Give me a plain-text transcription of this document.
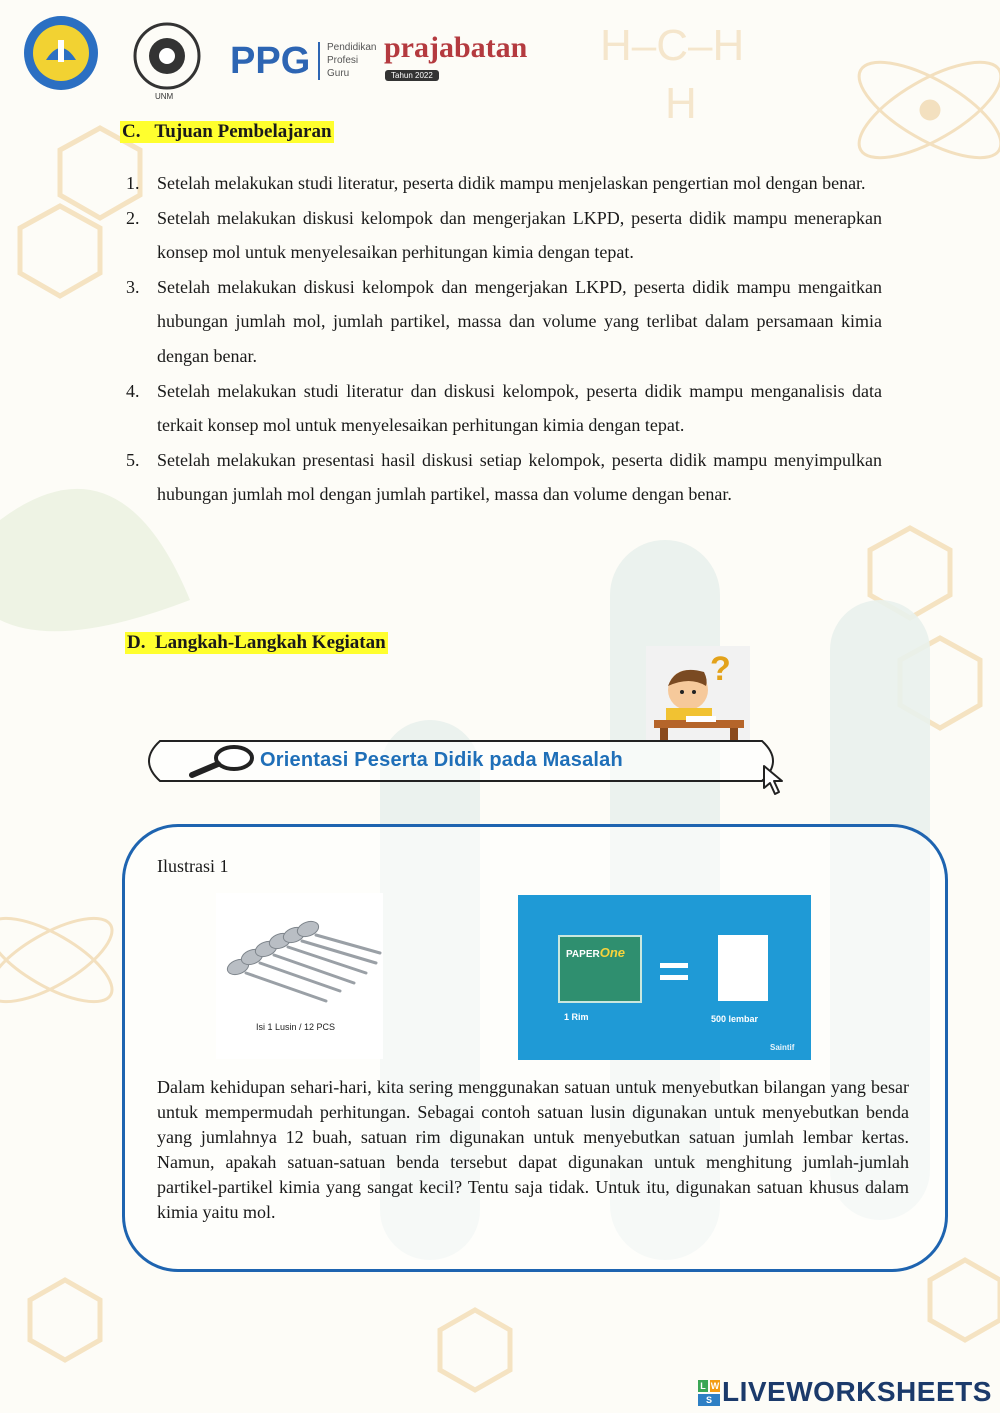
H–C–H
H
UNM
PPG Pendidikan
Profesi
Guru
prajabatan
Tahun 2022
C.   Tujuan Pembelajaran
1. Setelah melakukan studi literatur, peserta didik mampu menjelaskan pengertian mol dengan benar.
2. Setelah melakukan diskusi kelompok dan mengerjakan LKPD, peserta didik mampu menerapkan konsep mol untuk menyelesaikan perhitungan kimia dengan tepat.
3. Setelah melakukan diskusi kelompok dan mengerjakan LKPD, peserta didik mampu mengaitkan hubungan jumlah mol, jumlah partikel, massa dan volume yang terlibat dalam persamaan kimia dengan benar.
4. Setelah melakukan studi literatur dan diskusi kelompok, peserta didik mampu menganalisis data terkait konsep mol untuk menyelesaikan perhitungan kimia dengan tepat.
5. Setelah melakukan presentasi hasil diskusi setiap kelompok, peserta didik mampu menyimpulkan hubungan jumlah mol dengan jumlah partikel, massa dan volume dengan benar.
D.  Langkah-Langkah Kegiatan
?
Orientasi Peserta Didik pada Masalah
Ilustrasi 1
Isi 1 Lusin / 12 PCS
PAPEROne
1 Rim	500 lembar
Saintif

Dalam kehidupan sehari-hari, kita sering menggunakan satuan untuk menyebutkan bilangan yang besar untuk mempermudah perhitungan. Sebagai contoh satuan lusin digunakan untuk menyebutkan benda yang jumlahnya 12 buah, satuan rim digunakan untuk menyebutkan satuan jumlah lembar kertas. Namun, apakah satuan-satuan benda tersebut dapat digunakan untuk menghitung jumlah-jumlah partikel-partikel kimia yang sangat kecil? Tentu saja tidak. Untuk itu, digunakan satuan khusus dalam kimia yaitu mol.

L W
S LIVEWORKSHEETS
